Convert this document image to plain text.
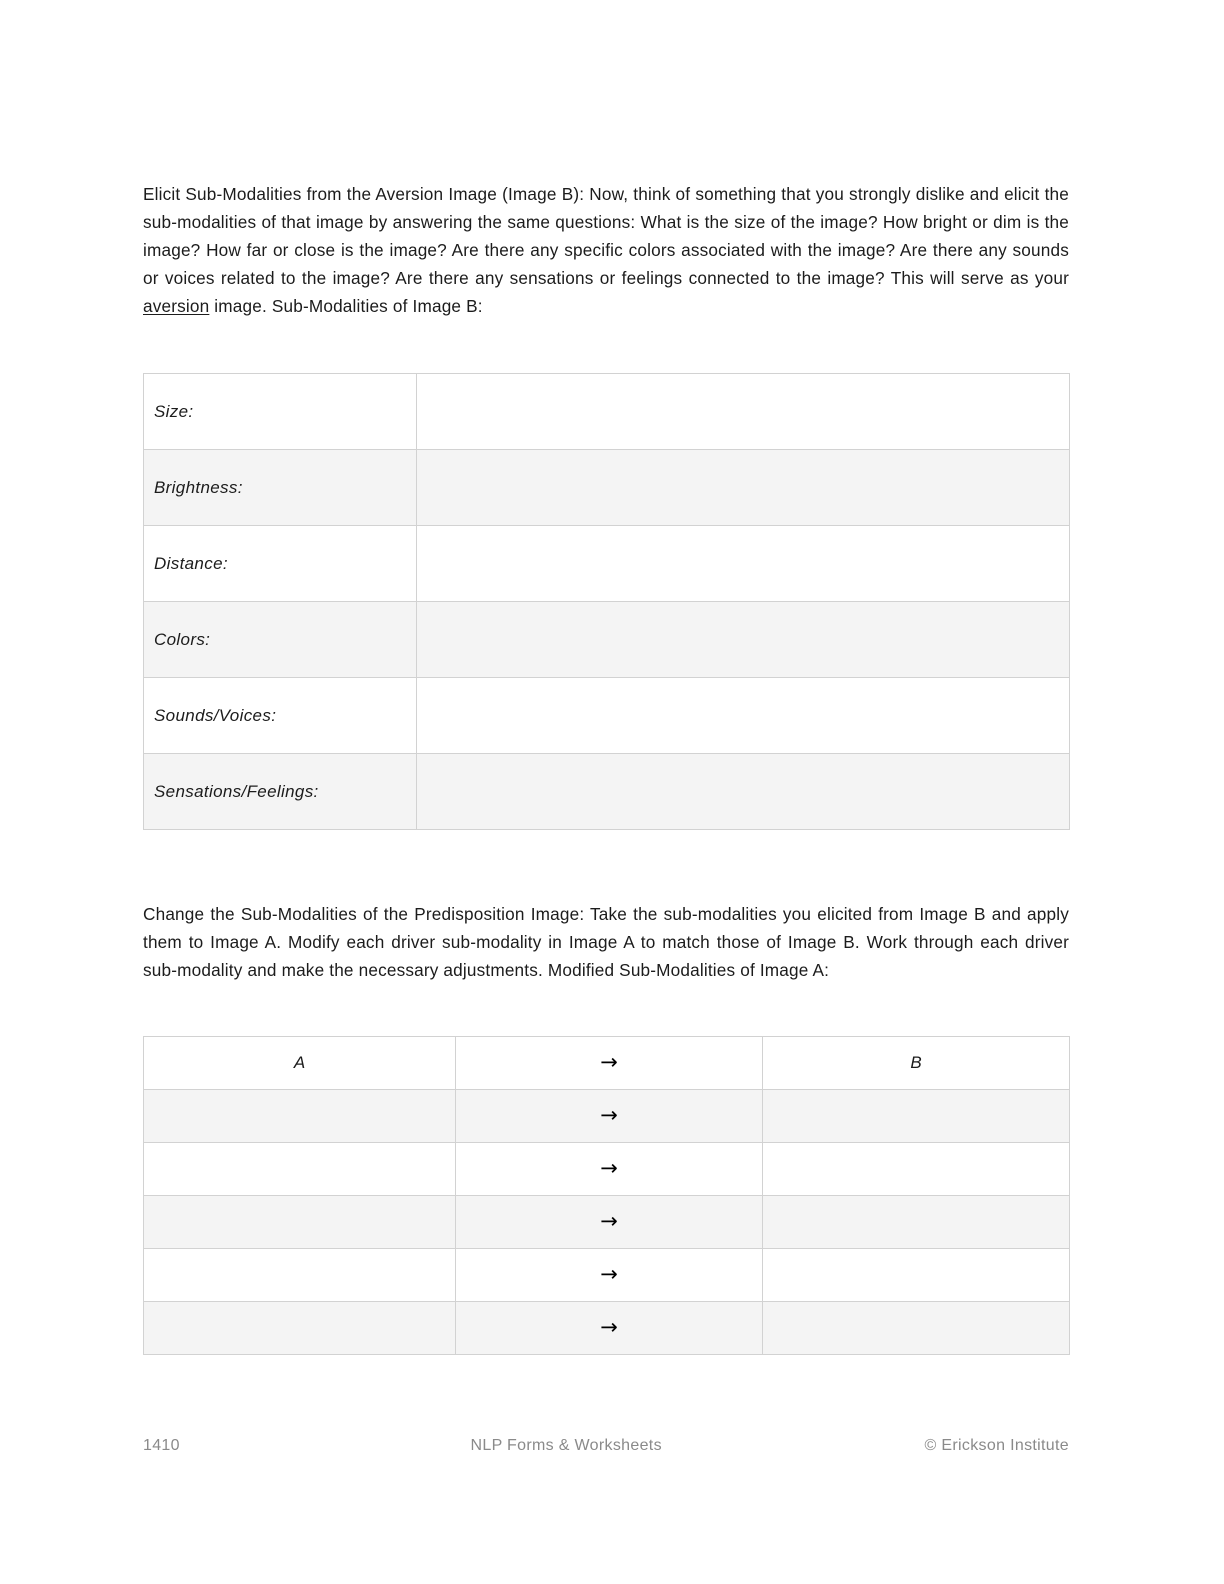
Elicit Sub-Modalities from the Aversion Image (Image B): Now, think of something that you strongly dislike and elicit the sub-modalities of that image by answering the same questions: What is the size of the image? How bright or dim is the image? How far or close is the image? Are there any specific colors associated with the image? Are there any sounds or voices related to the image? Are there any sensations or feelings connected to the image? This will serve as your aversion image. Sub-Modalities of Image B:

Size:	
Brightness:	
Distance:	
Colors:	
Sounds/Voices:	
Sensations/Feelings:	

Change the Sub-Modalities of the Predisposition Image: Take the sub-modalities you elicited from Image B and apply them to Image A. Modify each driver sub-modality in Image A to match those of Image B. Work through each driver sub-modality and make the necessary adjustments. Modified Sub-Modalities of Image A:

A	→	B
	→	
	→	
	→	
	→	
	→	
1410	NLP Forms & Worksheets	© Erickson Institute
